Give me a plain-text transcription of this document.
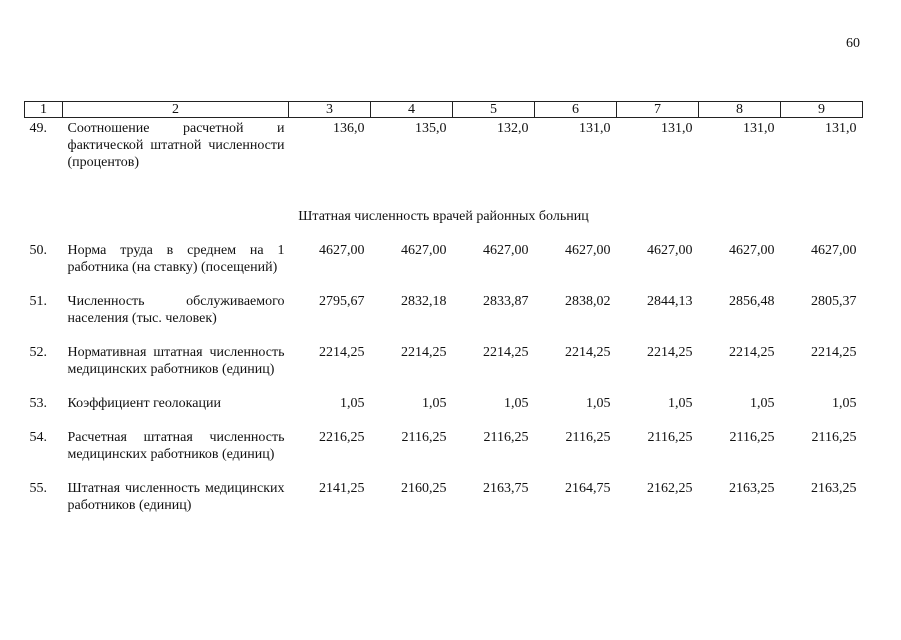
60
1	2	3	4	5	6	7	8	9
49.	Соотношение расчетной и фактической штатной численности (процентов)	136,0	135,0	132,0	131,0	131,0	131,0	131,0
Штатная численность врачей районных больниц								
50.	Норма труда в среднем на 1 работника (на ставку) (посещений)	4627,00	4627,00	4627,00	4627,00	4627,00	4627,00	4627,00
51.	Численность обслуживаемого населения (тыс. человек)	2795,67	2832,18	2833,87	2838,02	2844,13	2856,48	2805,37
52.	Нормативная штатная численность медицинских работников (единиц)	2214,25	2214,25	2214,25	2214,25	2214,25	2214,25	2214,25
53.	Коэффициент геолокации	1,05	1,05	1,05	1,05	1,05	1,05	1,05
54.	Расчетная штатная численность медицинских работников (единиц)	2216,25	2116,25	2116,25	2116,25	2116,25	2116,25	2116,25
55.	Штатная численность медицинских работников (единиц)	2141,25	2160,25	2163,75	2164,75	2162,25	2163,25	2163,25
